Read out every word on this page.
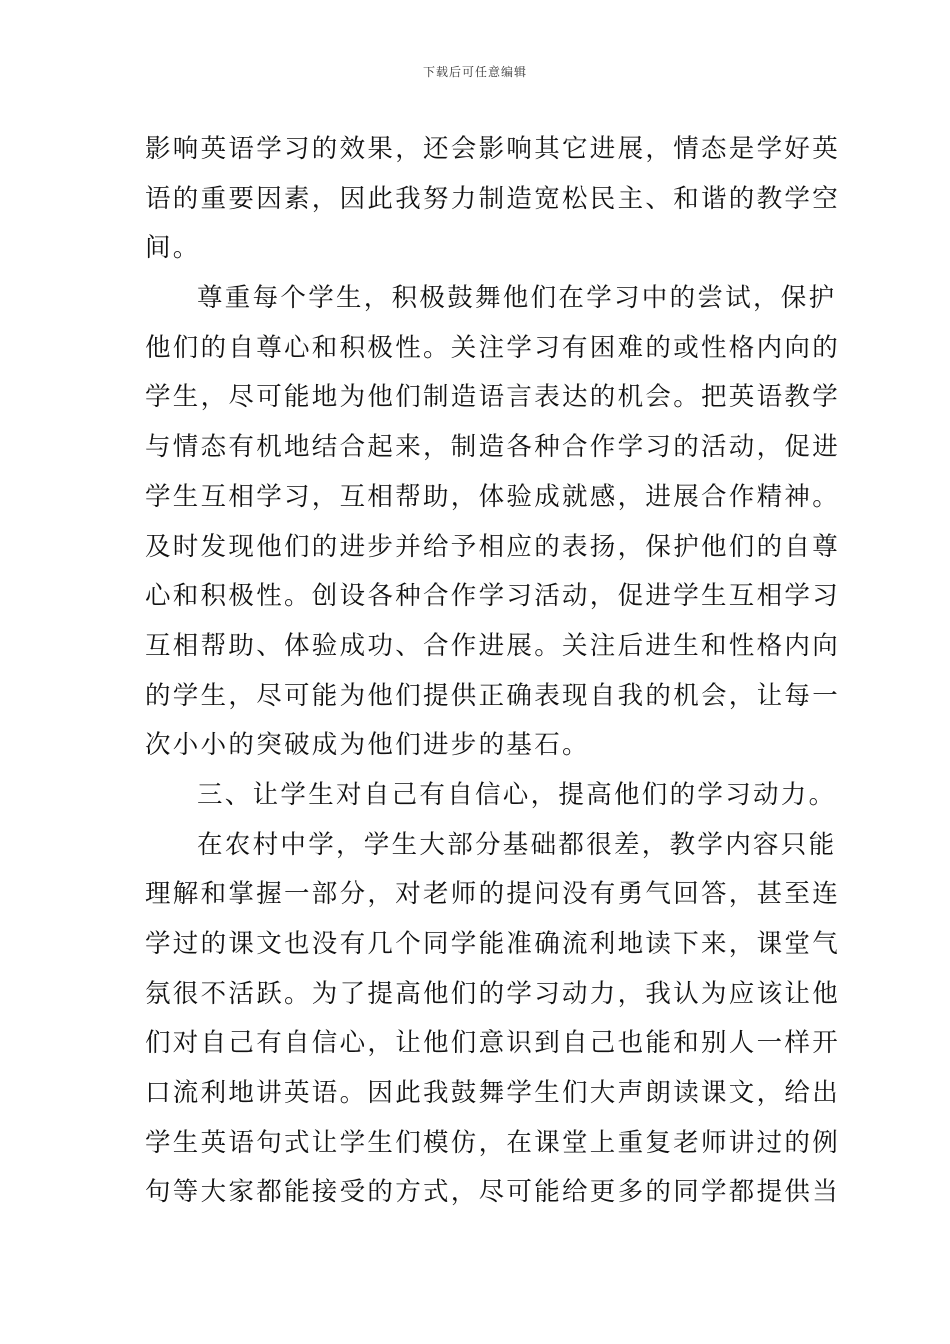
下载后可任意编辑
影响英语学习的效果，还会影响其它进展，情态是学好英
语的重要因素，因此我努力制造宽松民主、和谐的教学空
间。
尊重每个学生，积极鼓舞他们在学习中的尝试，保护
他们的自尊心和积极性。关注学习有困难的或性格内向的
学生，尽可能地为他们制造语言表达的机会。把英语教学
与情态有机地结合起来，制造各种合作学习的活动，促进
学生互相学习，互相帮助，体验成就感，进展合作精神。
及时发现他们的进步并给予相应的表扬，保护他们的自尊
心和积极性。创设各种合作学习活动，促进学生互相学习
互相帮助、体验成功、合作进展。关注后进生和性格内向
的学生，尽可能为他们提供正确表现自我的机会，让每一
次小小的突破成为他们进步的基石。
三、让学生对自己有自信心，提高他们的学习动力。
在农村中学，学生大部分基础都很差，教学内容只能
理解和掌握一部分，对老师的提问没有勇气回答，甚至连
学过的课文也没有几个同学能准确流利地读下来，课堂气
氛很不活跃。为了提高他们的学习动力，我认为应该让他
们对自己有自信心，让他们意识到自己也能和别人一样开
口流利地讲英语。因此我鼓舞学生们大声朗读课文，给出
学生英语句式让学生们模仿，在课堂上重复老师讲过的例
句等大家都能接受的方式，尽可能给更多的同学都提供当
